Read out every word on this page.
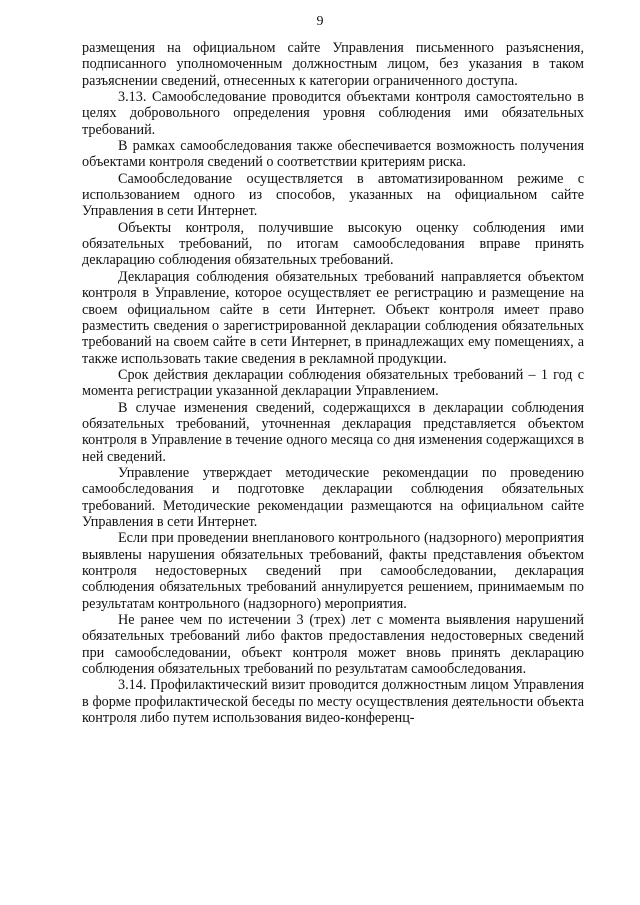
9

размещения на официальном сайте Управления письменного разъяснения, подписанного уполномоченным должностным лицом, без указания в таком разъяснении сведений, отнесенных к категории ограниченного доступа.

3.13. Самообследование проводится объектами контроля самостоятельно в целях добровольного определения уровня соблюдения ими обязательных требований.

В рамках самообследования также обеспечивается возможность получения объектами контроля сведений о соответствии критериям риска.

Самообследование осуществляется в автоматизированном режиме с использованием одного из способов, указанных на официальном сайте Управления в сети Интернет.

Объекты контроля, получившие высокую оценку соблюдения ими обязательных требований, по итогам самообследования вправе принять декларацию соблюдения обязательных требований.

Декларация соблюдения обязательных требований направляется объектом контроля в Управление, которое осуществляет ее регистрацию и размещение на своем официальном сайте в сети Интернет. Объект контроля имеет право разместить сведения о зарегистрированной декларации соблюдения обязательных требований на своем сайте в сети Интернет, в принадлежащих ему помещениях, а также использовать такие сведения в рекламной продукции.

Срок действия декларации соблюдения обязательных требований – 1 год с момента регистрации указанной декларации Управлением.

В случае изменения сведений, содержащихся в декларации соблюдения обязательных требований, уточненная декларация представляется объектом контроля в Управление в течение одного месяца со дня изменения содержащихся в ней сведений.

Управление утверждает методические рекомендации по проведению самообследования и подготовке декларации соблюдения обязательных требований. Методические рекомендации размещаются на официальном сайте Управления в сети Интернет.

Если при проведении внепланового контрольного (надзорного) мероприятия выявлены нарушения обязательных требований, факты представления объектом контроля недостоверных сведений при самообследовании, декларация соблюдения обязательных требований аннулируется решением, принимаемым по результатам контрольного (надзорного) мероприятия.

Не ранее чем по истечении 3 (трех) лет с момента выявления нарушений обязательных требований либо фактов предоставления недостоверных сведений при самообследовании, объект контроля может вновь принять декларацию соблюдения обязательных требований по результатам самообследования.

3.14. Профилактический визит проводится должностным лицом Управления в форме профилактической беседы по месту осуществления деятельности объекта контроля либо путем использования видео-конференц-
